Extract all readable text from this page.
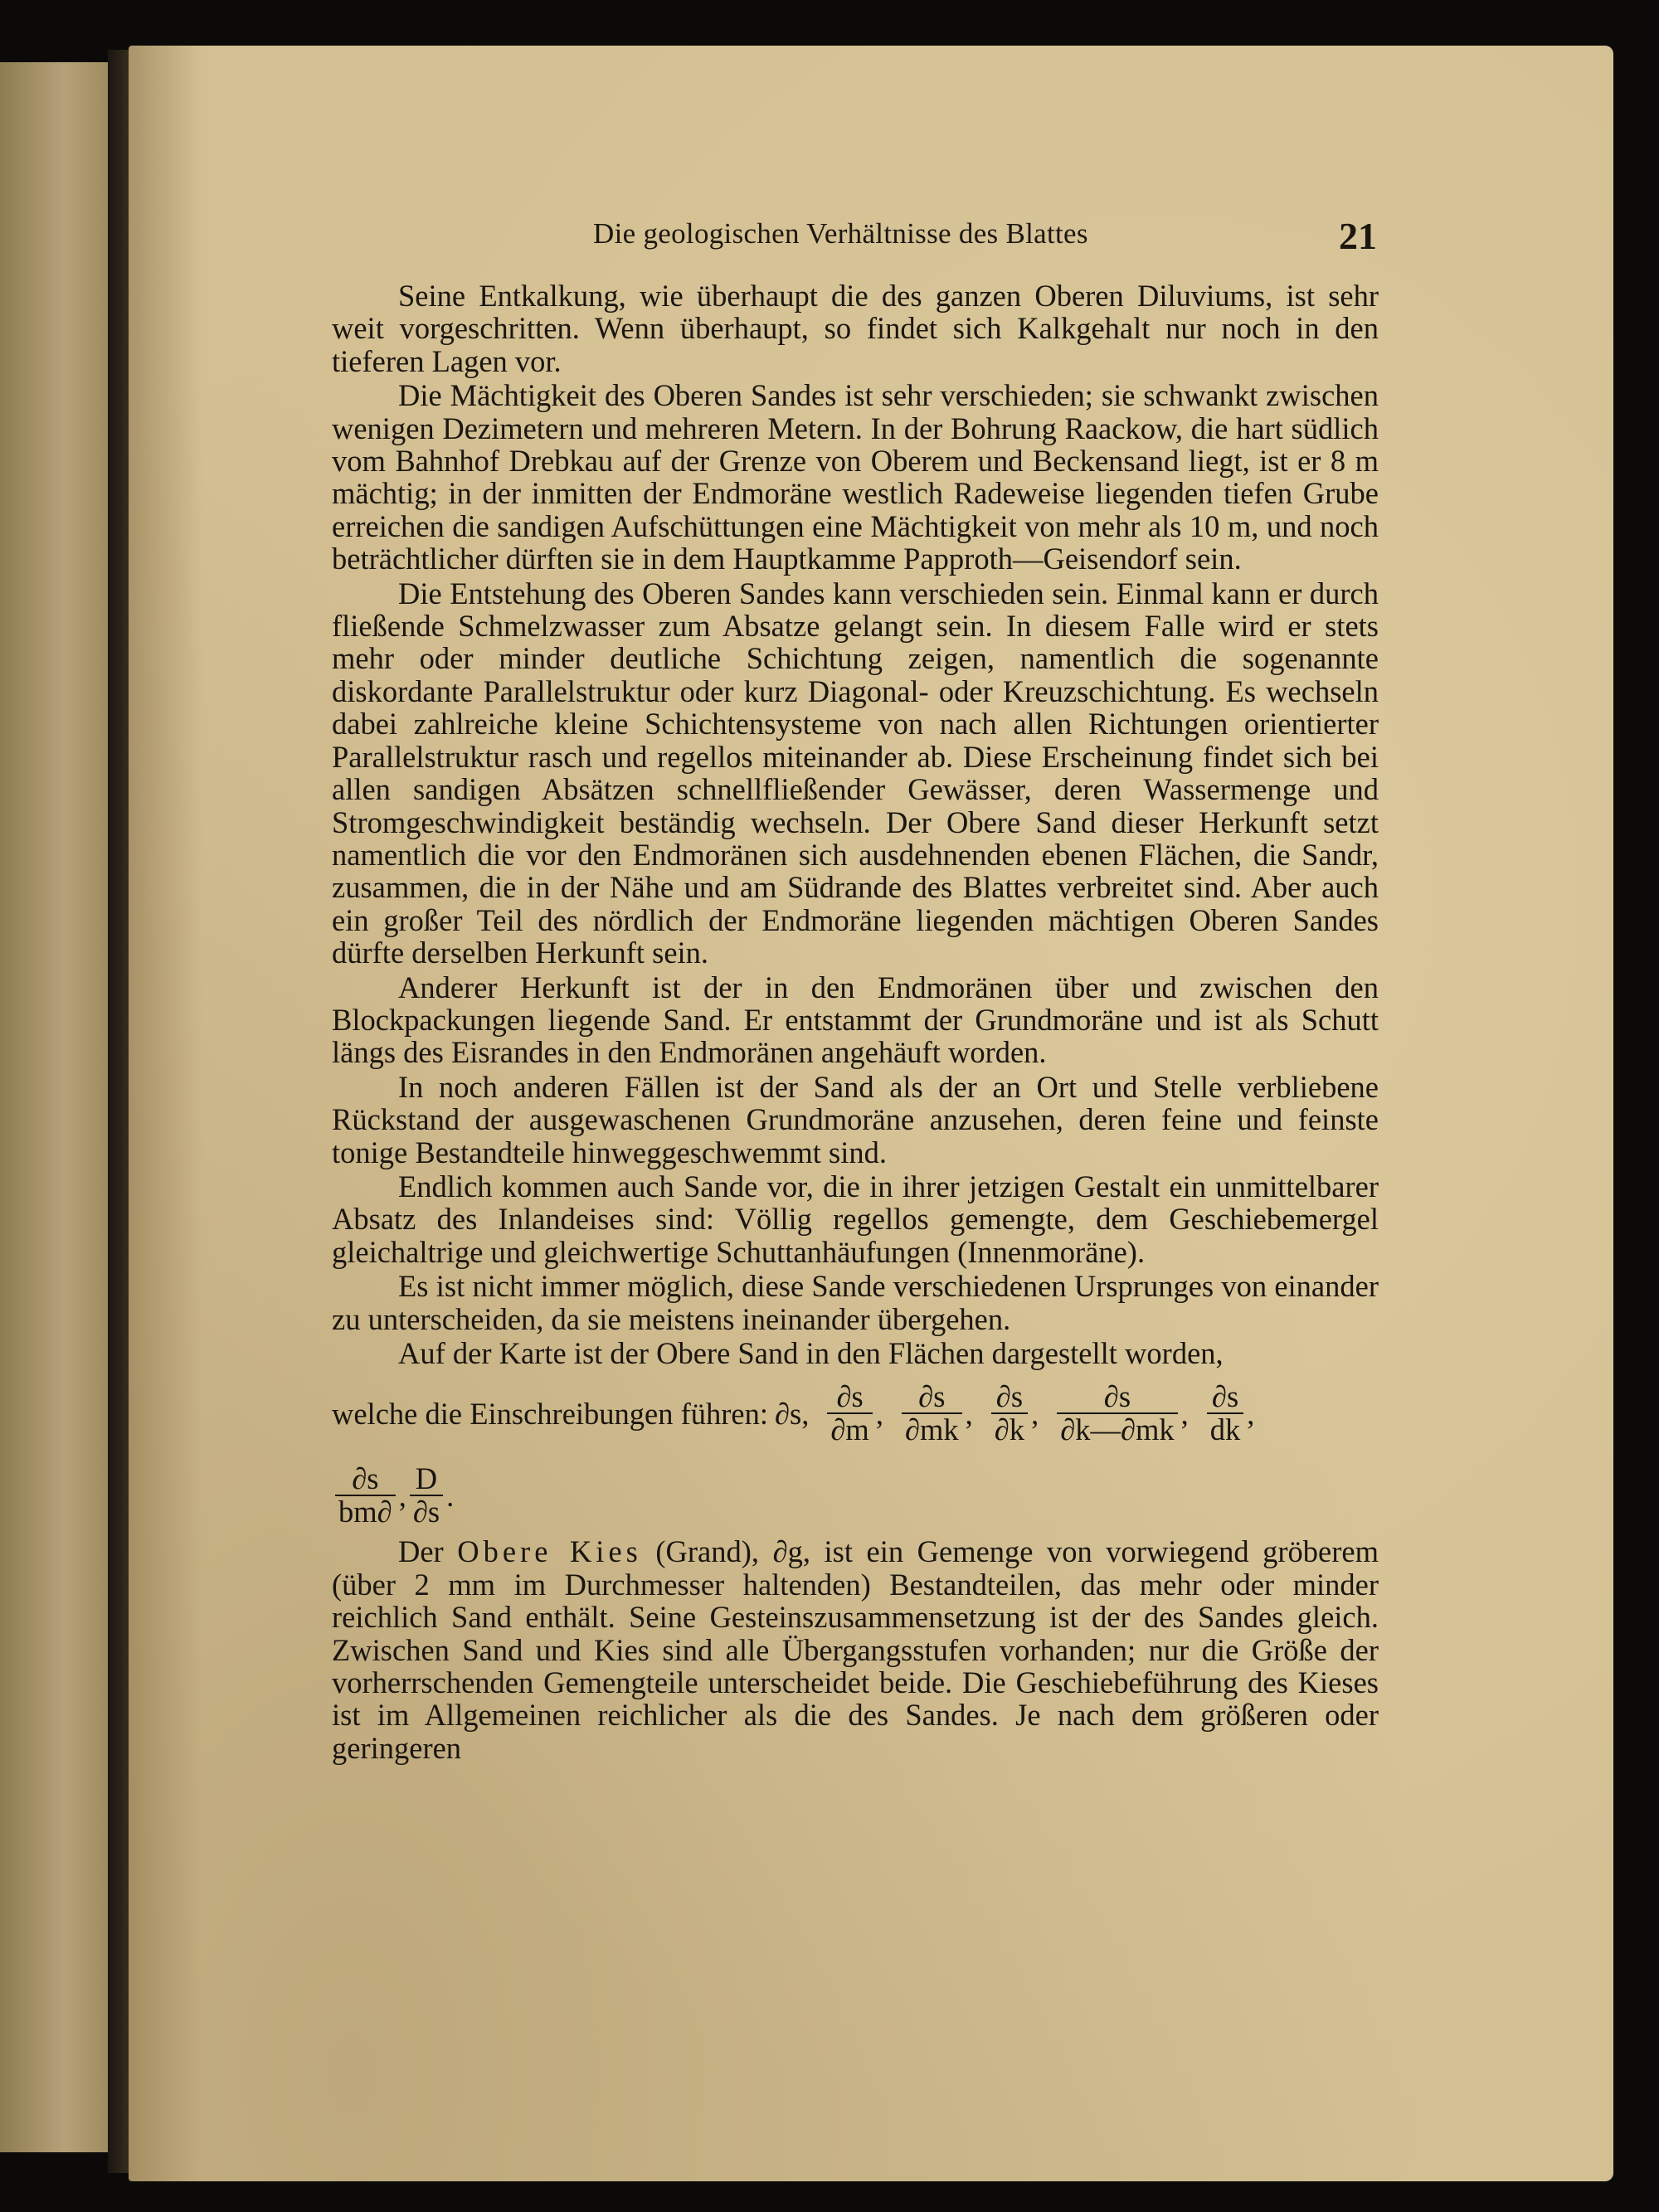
Die geologischen Verhältnisse des Blattes	21

Seine Entkalkung, wie überhaupt die des ganzen Oberen Diluviums, ist sehr weit vorgeschritten. Wenn überhaupt, so findet sich Kalkgehalt nur noch in den tieferen Lagen vor.

Die Mächtigkeit des Oberen Sandes ist sehr verschieden; sie schwankt zwischen wenigen Dezimetern und mehreren Metern. In der Bohrung Raackow, die hart südlich vom Bahnhof Drebkau auf der Grenze von Oberem und Beckensand liegt, ist er 8 m mächtig; in der inmitten der Endmoräne westlich Radeweise liegenden tiefen Grube erreichen die sandigen Aufschüttungen eine Mächtigkeit von mehr als 10 m, und noch beträchtlicher dürften sie in dem Hauptkamme Papproth—Geisendorf sein.

Die Entstehung des Oberen Sandes kann verschieden sein. Einmal kann er durch fließende Schmelzwasser zum Absatze gelangt sein. In diesem Falle wird er stets mehr oder minder deutliche Schichtung zeigen, namentlich die sogenannte diskordante Parallelstruktur oder kurz Diagonal- oder Kreuzschichtung. Es wechseln dabei zahlreiche kleine Schichtensysteme von nach allen Richtungen orientierter Parallelstruktur rasch und regellos miteinander ab. Diese Erscheinung findet sich bei allen sandigen Absätzen schnellfließender Gewässer, deren Wassermenge und Stromgeschwindigkeit beständig wechseln. Der Obere Sand dieser Herkunft setzt namentlich die vor den Endmoränen sich ausdehnenden ebenen Flächen, die Sandr, zusammen, die in der Nähe und am Südrande des Blattes verbreitet sind. Aber auch ein großer Teil des nördlich der Endmoräne liegenden mächtigen Oberen Sandes dürfte derselben Herkunft sein.

Anderer Herkunft ist der in den Endmoränen über und zwischen den Blockpackungen liegende Sand. Er entstammt der Grundmoräne und ist als Schutt längs des Eisrandes in den Endmoränen angehäuft worden.

In noch anderen Fällen ist der Sand als der an Ort und Stelle verbliebene Rückstand der ausgewaschenen Grundmoräne anzusehen, deren feine und feinste tonige Bestandteile hinweggeschwemmt sind.

Endlich kommen auch Sande vor, die in ihrer jetzigen Gestalt ein unmittelbarer Absatz des Inlandeises sind: Völlig regellos gemengte, dem Geschiebemergel gleichaltrige und gleichwertige Schuttanhäufungen (Innenmoräne).

Es ist nicht immer möglich, diese Sande verschiedenen Ursprunges von einander zu unterscheiden, da sie meistens ineinander übergehen.

Auf der Karte ist der Obere Sand in den Flächen dargestellt worden,

welche die Einschreibungen führen: ∂s, $\frac{\partial s}{\partial m}$ , $\frac{\partial s}{\partial mk}$ , $\frac{\partial s}{\partial k}$ , $\frac{\partial s}{\partial k—\partial mk}$ , $\frac{\partial s}{dk}$ ,
$\frac{\partial s}{bm\partial}$ , $\frac{D}{\partial s}$ .

Der Obere Kies (Grand), ∂g, ist ein Gemenge von vorwiegend gröberem (über 2 mm im Durchmesser haltenden) Bestandteilen, das mehr oder minder reichlich Sand enthält. Seine Gesteinszusammensetzung ist der des Sandes gleich. Zwischen Sand und Kies sind alle Übergangsstufen vorhanden; nur die Größe der vorherrschenden Gemengteile unterscheidet beide. Die Geschiebeführung des Kieses ist im Allgemeinen reichlicher als die des Sandes. Je nach dem größeren oder geringeren
